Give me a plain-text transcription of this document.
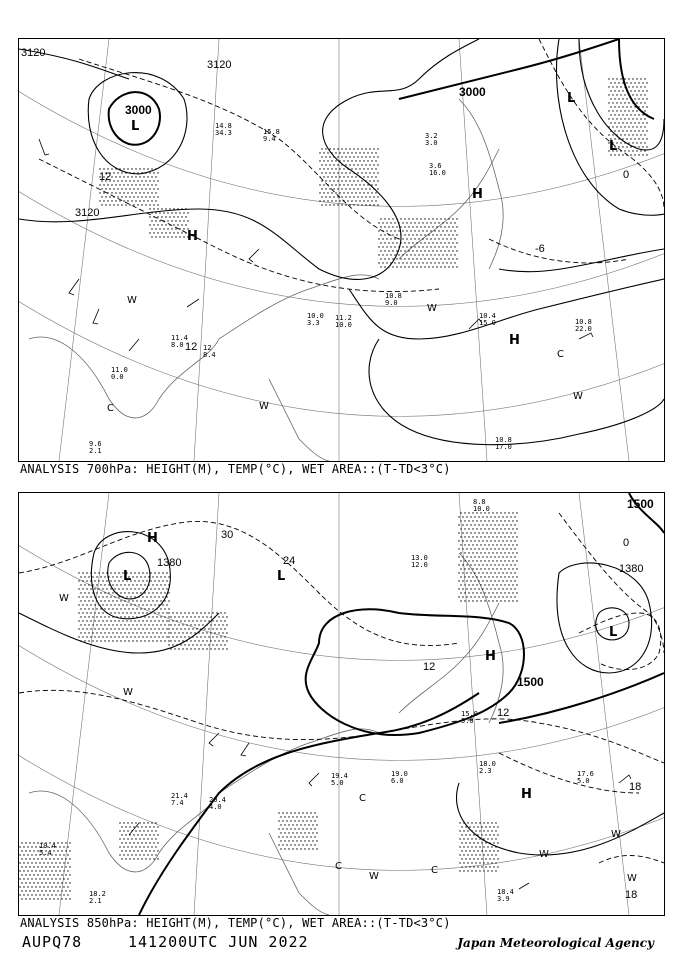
3120
3120
3000
3000
3120
L
L
L
H
H
H
C
C
W
W
W
W
12
12
-6
0
10.0
3.3
11.2
10.0
10.8
9.0
10.4
15.0	10.8
22.0
10.8
17.0
11.0
0.0
9.6
2.1
11.4
8.0	12
8.4
3.2
3.0
3.6
16.0
14.8
34.3	15.8
9.4
ANALYSIS 700hPa: HEIGHT(M), TEMP(°C), WET AREA::(T-TD<3°C)
1380	1380
1500
1500
H
H
H
L	L
L
C
C	C
W
W
W
W
W
W
30
24
12
12
18
18
0
17.6
5.0
18.4
3.9
19.0
6.0
18.0
2.3
19.4
5.0
18.2
2.1
21.4
7.4	20.4
4.0
19.4
5.4
15.0
5.0
13.0
12.0
8.8
10.0
ANALYSIS 850hPa: HEIGHT(M), TEMP(°C), WET AREA::(T-TD<3°C)
AUPQ78	141200UTC JUN 2022	Japan Meteorological Agency
